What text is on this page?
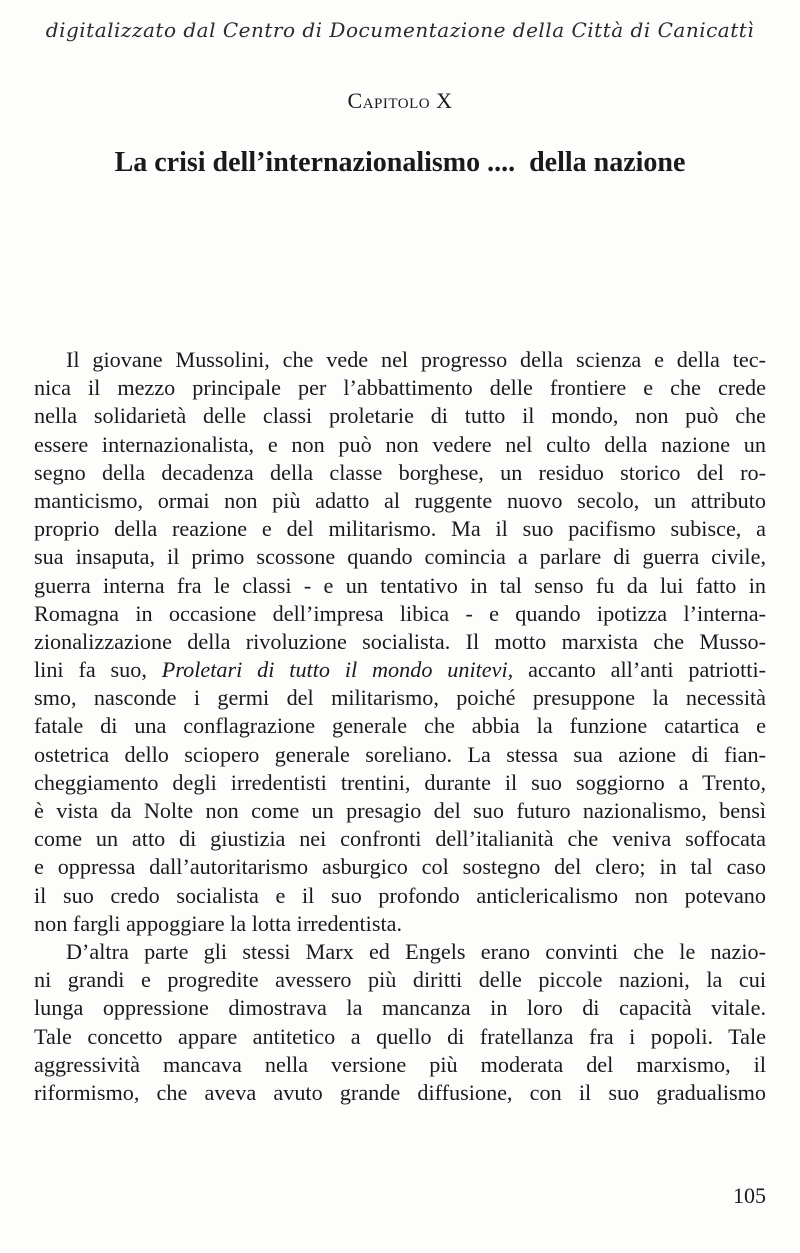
digitalizzato dal Centro di Documentazione della Città di Canicattì
Capitolo X
La crisi dell’internazionalismo ....  della nazione
Il giovane Mussolini, che vede nel progresso della scienza e della tec-
nica il mezzo principale per l’abbattimento delle frontiere e che crede
nella solidarietà delle classi proletarie di tutto il mondo, non può che
essere internazionalista, e non può non vedere nel culto della nazione un
segno della decadenza della classe borghese, un residuo storico del ro-
manticismo, ormai non più adatto al ruggente nuovo secolo, un attributo
proprio della reazione e del militarismo. Ma il suo pacifismo subisce, a
sua insaputa, il primo scossone quando comincia a parlare di guerra civile,
guerra interna fra le classi - e un tentativo in tal senso fu da lui fatto in
Romagna in occasione dell’impresa libica - e quando ipotizza l’interna-
zionalizzazione della rivoluzione socialista. Il motto marxista che Musso-
lini fa suo, Proletari di tutto il mondo unitevi, accanto all’anti patriotti-
smo, nasconde i germi del militarismo, poiché presuppone la necessità
fatale di una conflagrazione generale che abbia la funzione catartica e
ostetrica dello sciopero generale soreliano. La stessa sua azione di fian-
cheggiamento degli irredentisti trentini, durante il suo soggiorno a Trento,
è vista da Nolte non come un presagio del suo futuro nazionalismo, bensì
come un atto di giustizia nei confronti dell’italianità che veniva soffocata
e oppressa dall’autoritarismo asburgico col sostegno del clero; in tal caso
il suo credo socialista e il suo profondo anticlericalismo non potevano
non fargli appoggiare la lotta irredentista.
D’altra parte gli stessi Marx ed Engels erano convinti che le nazio-
ni grandi e progredite avessero più diritti delle piccole nazioni, la cui
lunga oppressione dimostrava la mancanza in loro di capacità vitale.
Tale concetto appare antitetico a quello di fratellanza fra i popoli. Tale
aggressività mancava nella versione più moderata del marxismo, il
riformismo, che aveva avuto grande diffusione, con il suo gradualismo
105
